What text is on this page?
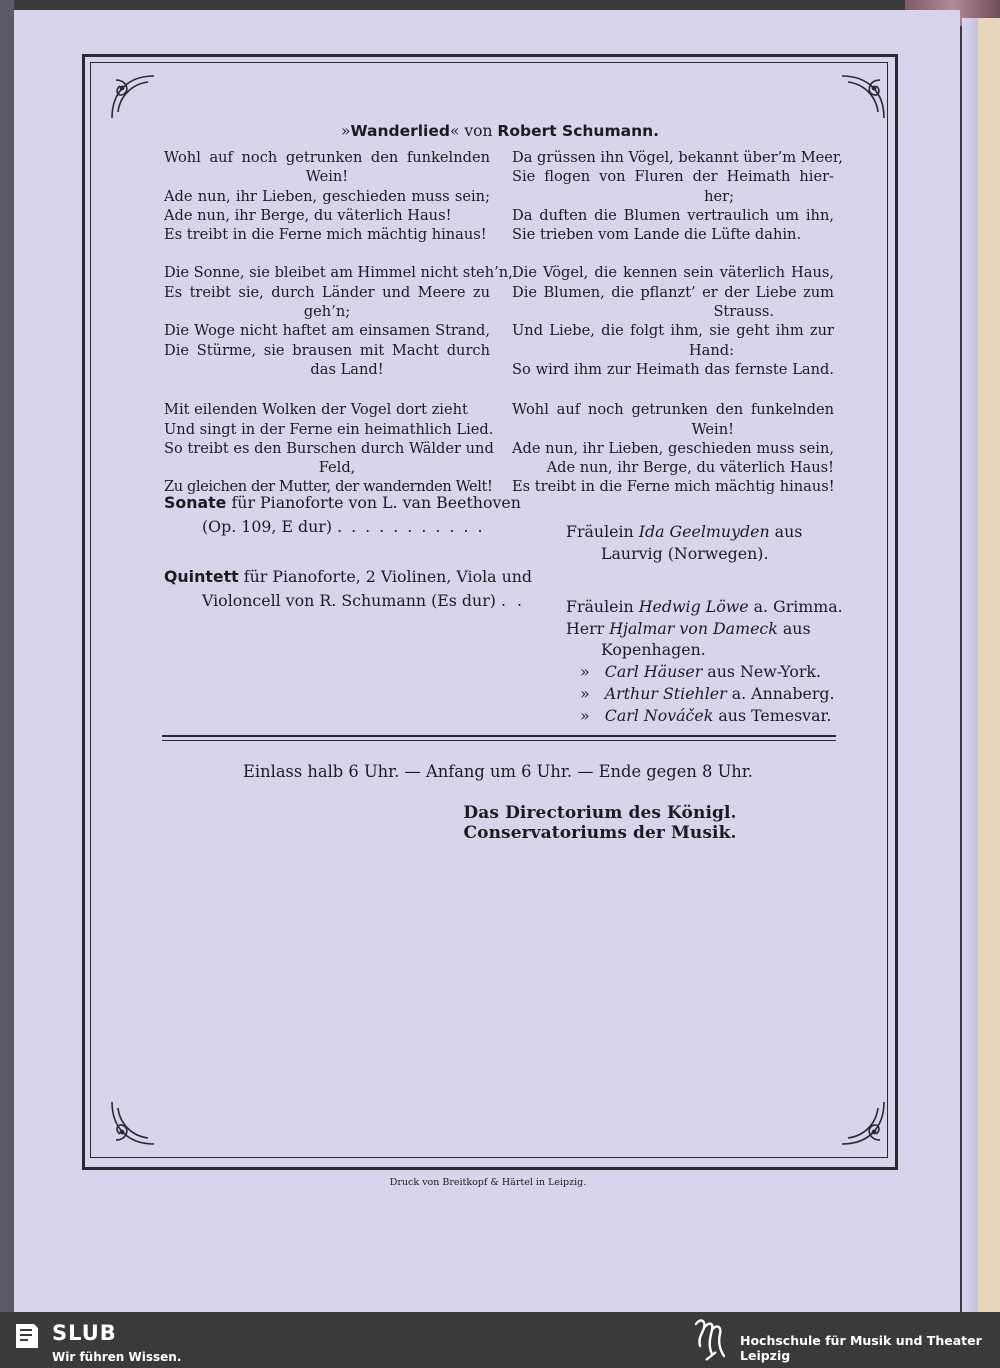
»Wanderlied« von Robert Schumann.
Wohl auf noch getrunken den funkelnden
Wein!
Ade nun, ihr Lieben, geschieden muss sein;
Ade nun, ihr Berge, du väterlich Haus!
Es treibt in die Ferne mich mächtig hinaus!
Die Sonne, sie bleibet am Himmel nicht steh’n,
Es treibt sie, durch Länder und Meere zu
geh’n;
Die Woge nicht haftet am einsamen Strand,
Die Stürme, sie brausen mit Macht durch
das Land!
Mit eilenden Wolken der Vogel dort zieht
Und singt in der Ferne ein heimathlich Lied.
So treibt es den Burschen durch Wälder und
Feld,
Zu gleichen der Mutter, der wandernden Welt!
Da grüssen ihn Vögel, bekannt über’m Meer,
Sie flogen von Fluren der Heimath hier-
her;
Da duften die Blumen vertraulich um ihn,
Sie trieben vom Lande die Lüfte dahin.
Die Vögel, die kennen sein väterlich Haus,
Die Blumen, die pflanzt’ er der Liebe zum
Strauss.
Und Liebe, die folgt ihm, sie geht ihm zur
Hand:
So wird ihm zur Heimath das fernste Land.
Wohl auf noch getrunken den funkelnden
Wein!
Ade nun, ihr Lieben, geschieden muss sein,
Ade nun, ihr Berge, du väterlich Haus!
Es treibt in die Ferne mich mächtig hinaus!
Sonate für Pianoforte von L. van Beethoven
(Op. 109, E dur) . . . . . . . . . . .	Fräulein Ida Geelmuyden aus
Laurvig (Norwegen).
Quintett für Pianoforte, 2 Violinen, Viola und
Violoncell von R. Schumann (Es dur) . .	Fräulein Hedwig Löwe a. Grimma.
Herr Hjalmar von Dameck aus
Kopenhagen.
» Carl Häuser aus New-York.
» Arthur Stiehler a. Annaberg.
» Carl Nováček aus Temesvar.
Einlass halb 6 Uhr. — Anfang um 6 Uhr. — Ende gegen 8 Uhr.
Das Directorium des Königl. Conservatoriums der Musik.
Druck von Breitkopf & Härtel in Leipzig.
SLUB
Wir führen Wissen.
Hochschule für Musik und Theater Leipzig
